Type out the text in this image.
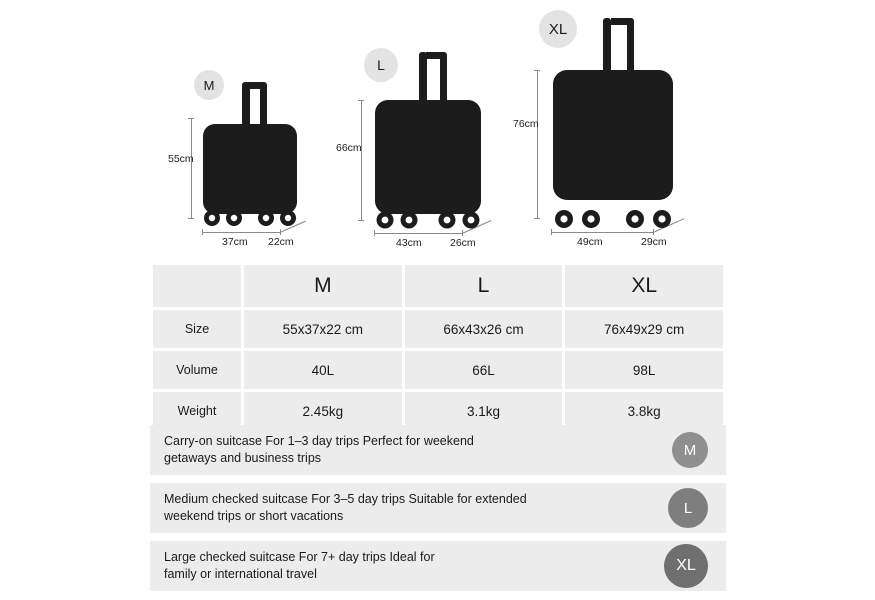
M
55cm
37cm 22cm
L
66cm
43cm	26cm
XL
76cm
49cm	29cm
	M	L	XL
Size	55x37x22 cm	66x43x26 cm	76x49x29 cm
Volume	40L	66L	98L
Weight	2.45kg	3.1kg	3.8kg
Carry-on suitcase For 1–3 day trips Perfect for weekend
getaways and business trips	M
Medium checked suitcase For 3–5 day trips Suitable for extended
weekend trips or short vacations	L
Large checked suitcase For 7+ day trips Ideal for
family or international travel	XL
